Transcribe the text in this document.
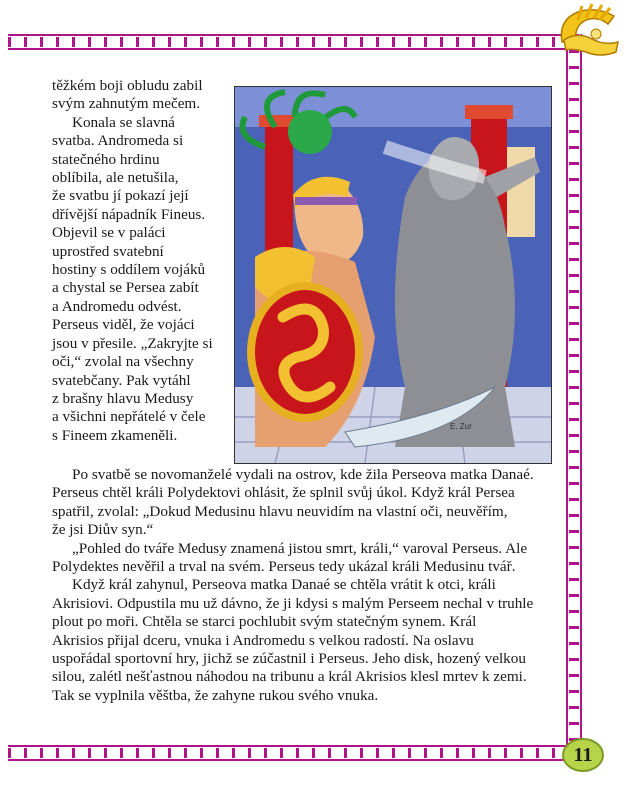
E. Zur

těžkém boji obludu zabil
svým zahnutým mečem.

Konala se slavná
svatba. Andromeda si
statečného hrdinu
oblíbila, ale netušila,
že svatbu jí pokazí její
dřívější nápadník Fineus.
Objevil se v paláci
uprostřed svatební
hostiny s oddílem vojáků
a chystal se Persea zabít
a Andromedu odvést.
Perseus viděl, že vojáci
jsou v přesile. „Zakryjte si
oči,“ zvolal na všechny
svatebčany. Pak vytáhl
z brašny hlavu Medusy
a všichni nepřátelé v čele
s Fineem zkameněli.

Po svatbě se novomanželé vydali na ostrov, kde žila Perseova matka Danaé.
Perseus chtěl králi Polydektovi ohlásit, že splnil svůj úkol. Když král Persea
spatřil, zvolal: „Dokud Medusinu hlavu neuvidím na vlastní oči, neuvěřím,
že jsi Diův syn.“

„Pohled do tváře Medusy znamená jistou smrt, králi,“ varoval Perseus. Ale
Polydektes nevěřil a trval na svém. Perseus tedy ukázal králi Medusinu tvář.

Když král zahynul, Perseova matka Danaé se chtěla vrátit k otci, králi
Akrisiovi. Odpustila mu už dávno, že ji kdysi s malým Perseem nechal v truhle
plout po moři. Chtěla se starci pochlubit svým statečným synem. Král
Akrisios přijal dceru, vnuka i Andromedu s velkou radostí. Na oslavu
uspořádal sportovní hry, jichž se zúčastnil i Perseus. Jeho disk, hozený velkou
silou, zalétl nešťastnou náhodou na tribunu a král Akrisios klesl mrtev k zemi.
Tak se vyplnila věštba, že zahyne rukou svého vnuka.

11
